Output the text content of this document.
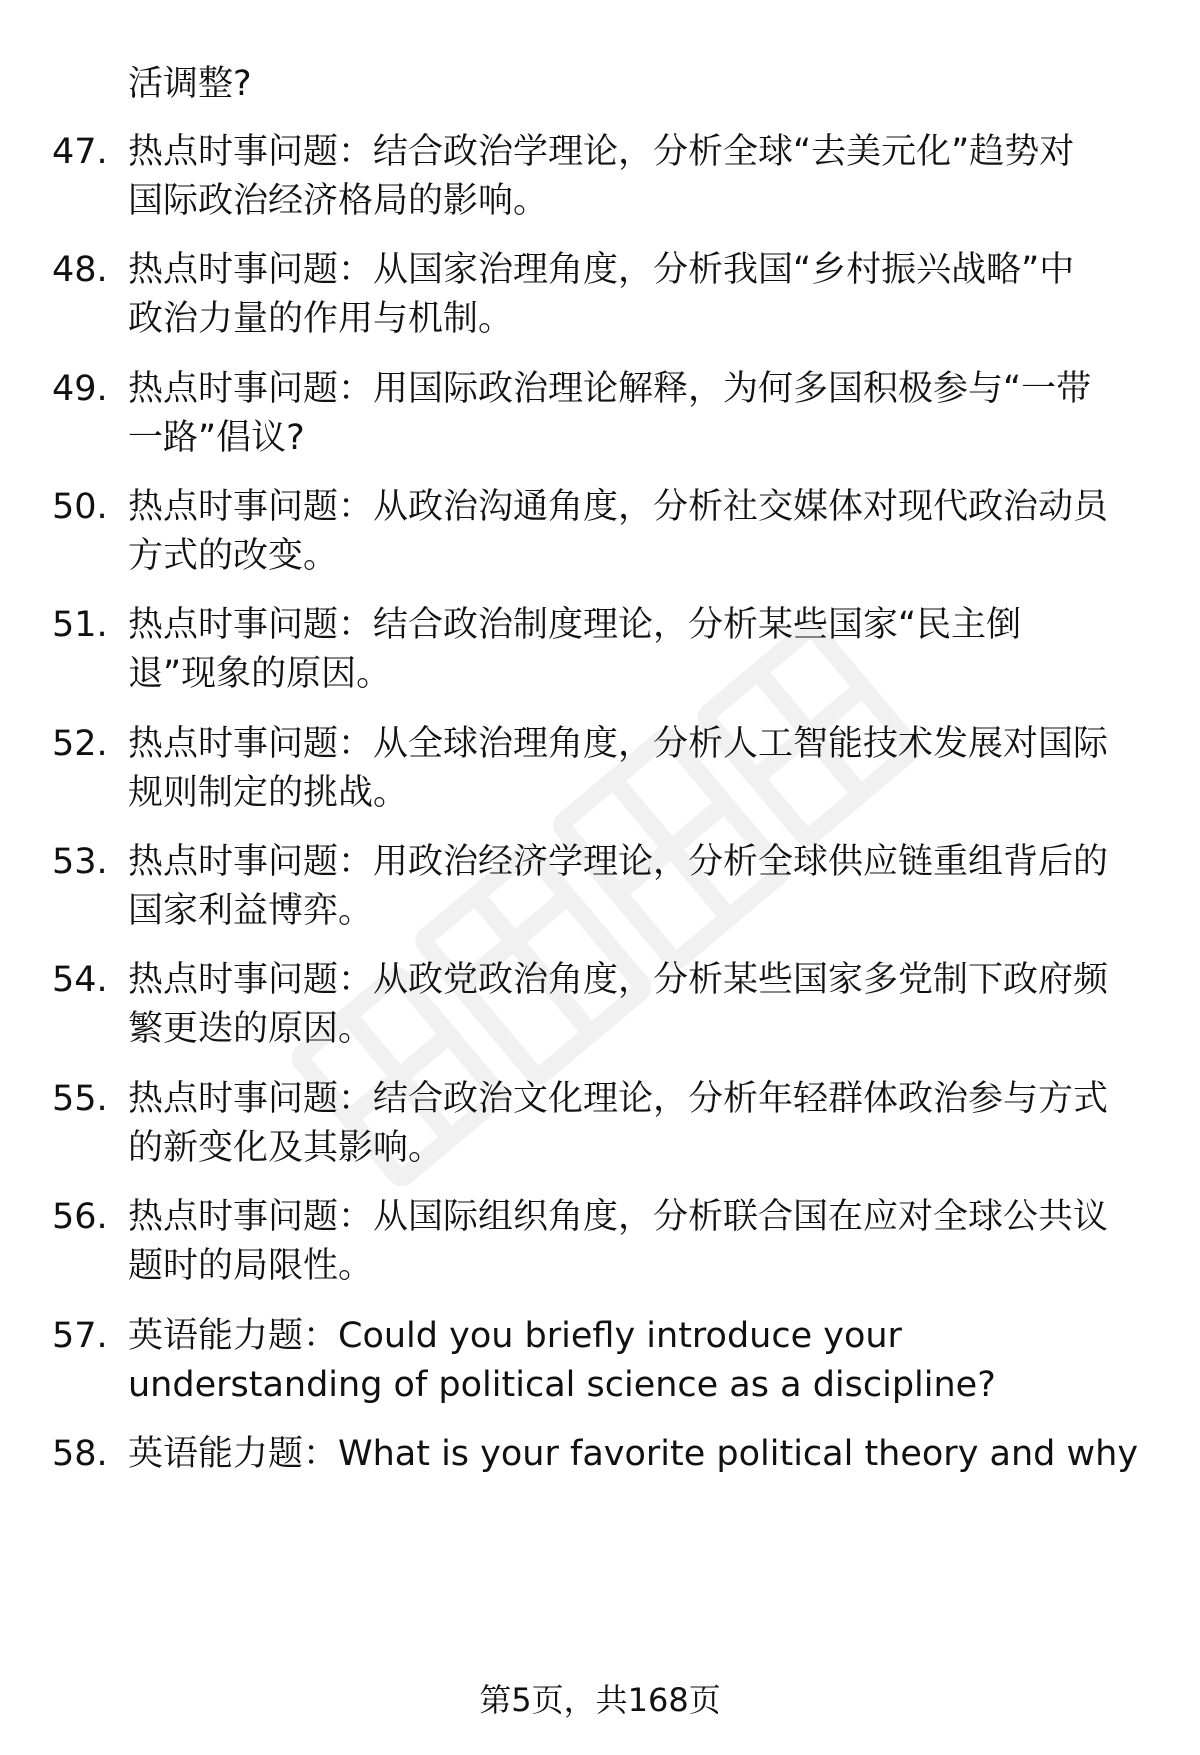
活调整?
47. 热点时事问题：结合政治学理论，分析全球“去美元化”趋势对
国际政治经济格局的影响。
48. 热点时事问题：从国家治理角度，分析我国“乡村振兴战略”中
政治力量的作用与机制。
49. 热点时事问题：用国际政治理论解释，为何多国积极参与“一带
一路”倡议?
50. 热点时事问题：从政治沟通角度，分析社交媒体对现代政治动员
方式的改变。
51. 热点时事问题：结合政治制度理论，分析某些国家“民主倒
退”现象的原因。
52. 热点时事问题：从全球治理角度，分析人工智能技术发展对国际
规则制定的挑战。
53. 热点时事问题：用政治经济学理论，分析全球供应链重组背后的
国家利益博弈。
54. 热点时事问题：从政党政治角度，分析某些国家多党制下政府频
繁更迭的原因。
55. 热点时事问题：结合政治文化理论，分析年轻群体政治参与方式
的新变化及其影响。
56. 热点时事问题：从国际组织角度，分析联合国在应对全球公共议
题时的局限性。
57. 英语能力题：Could you briefly introduce your
understanding of political science as a discipline?
58. 英语能力题：What is your favorite political theory and why
第5页，共168页
